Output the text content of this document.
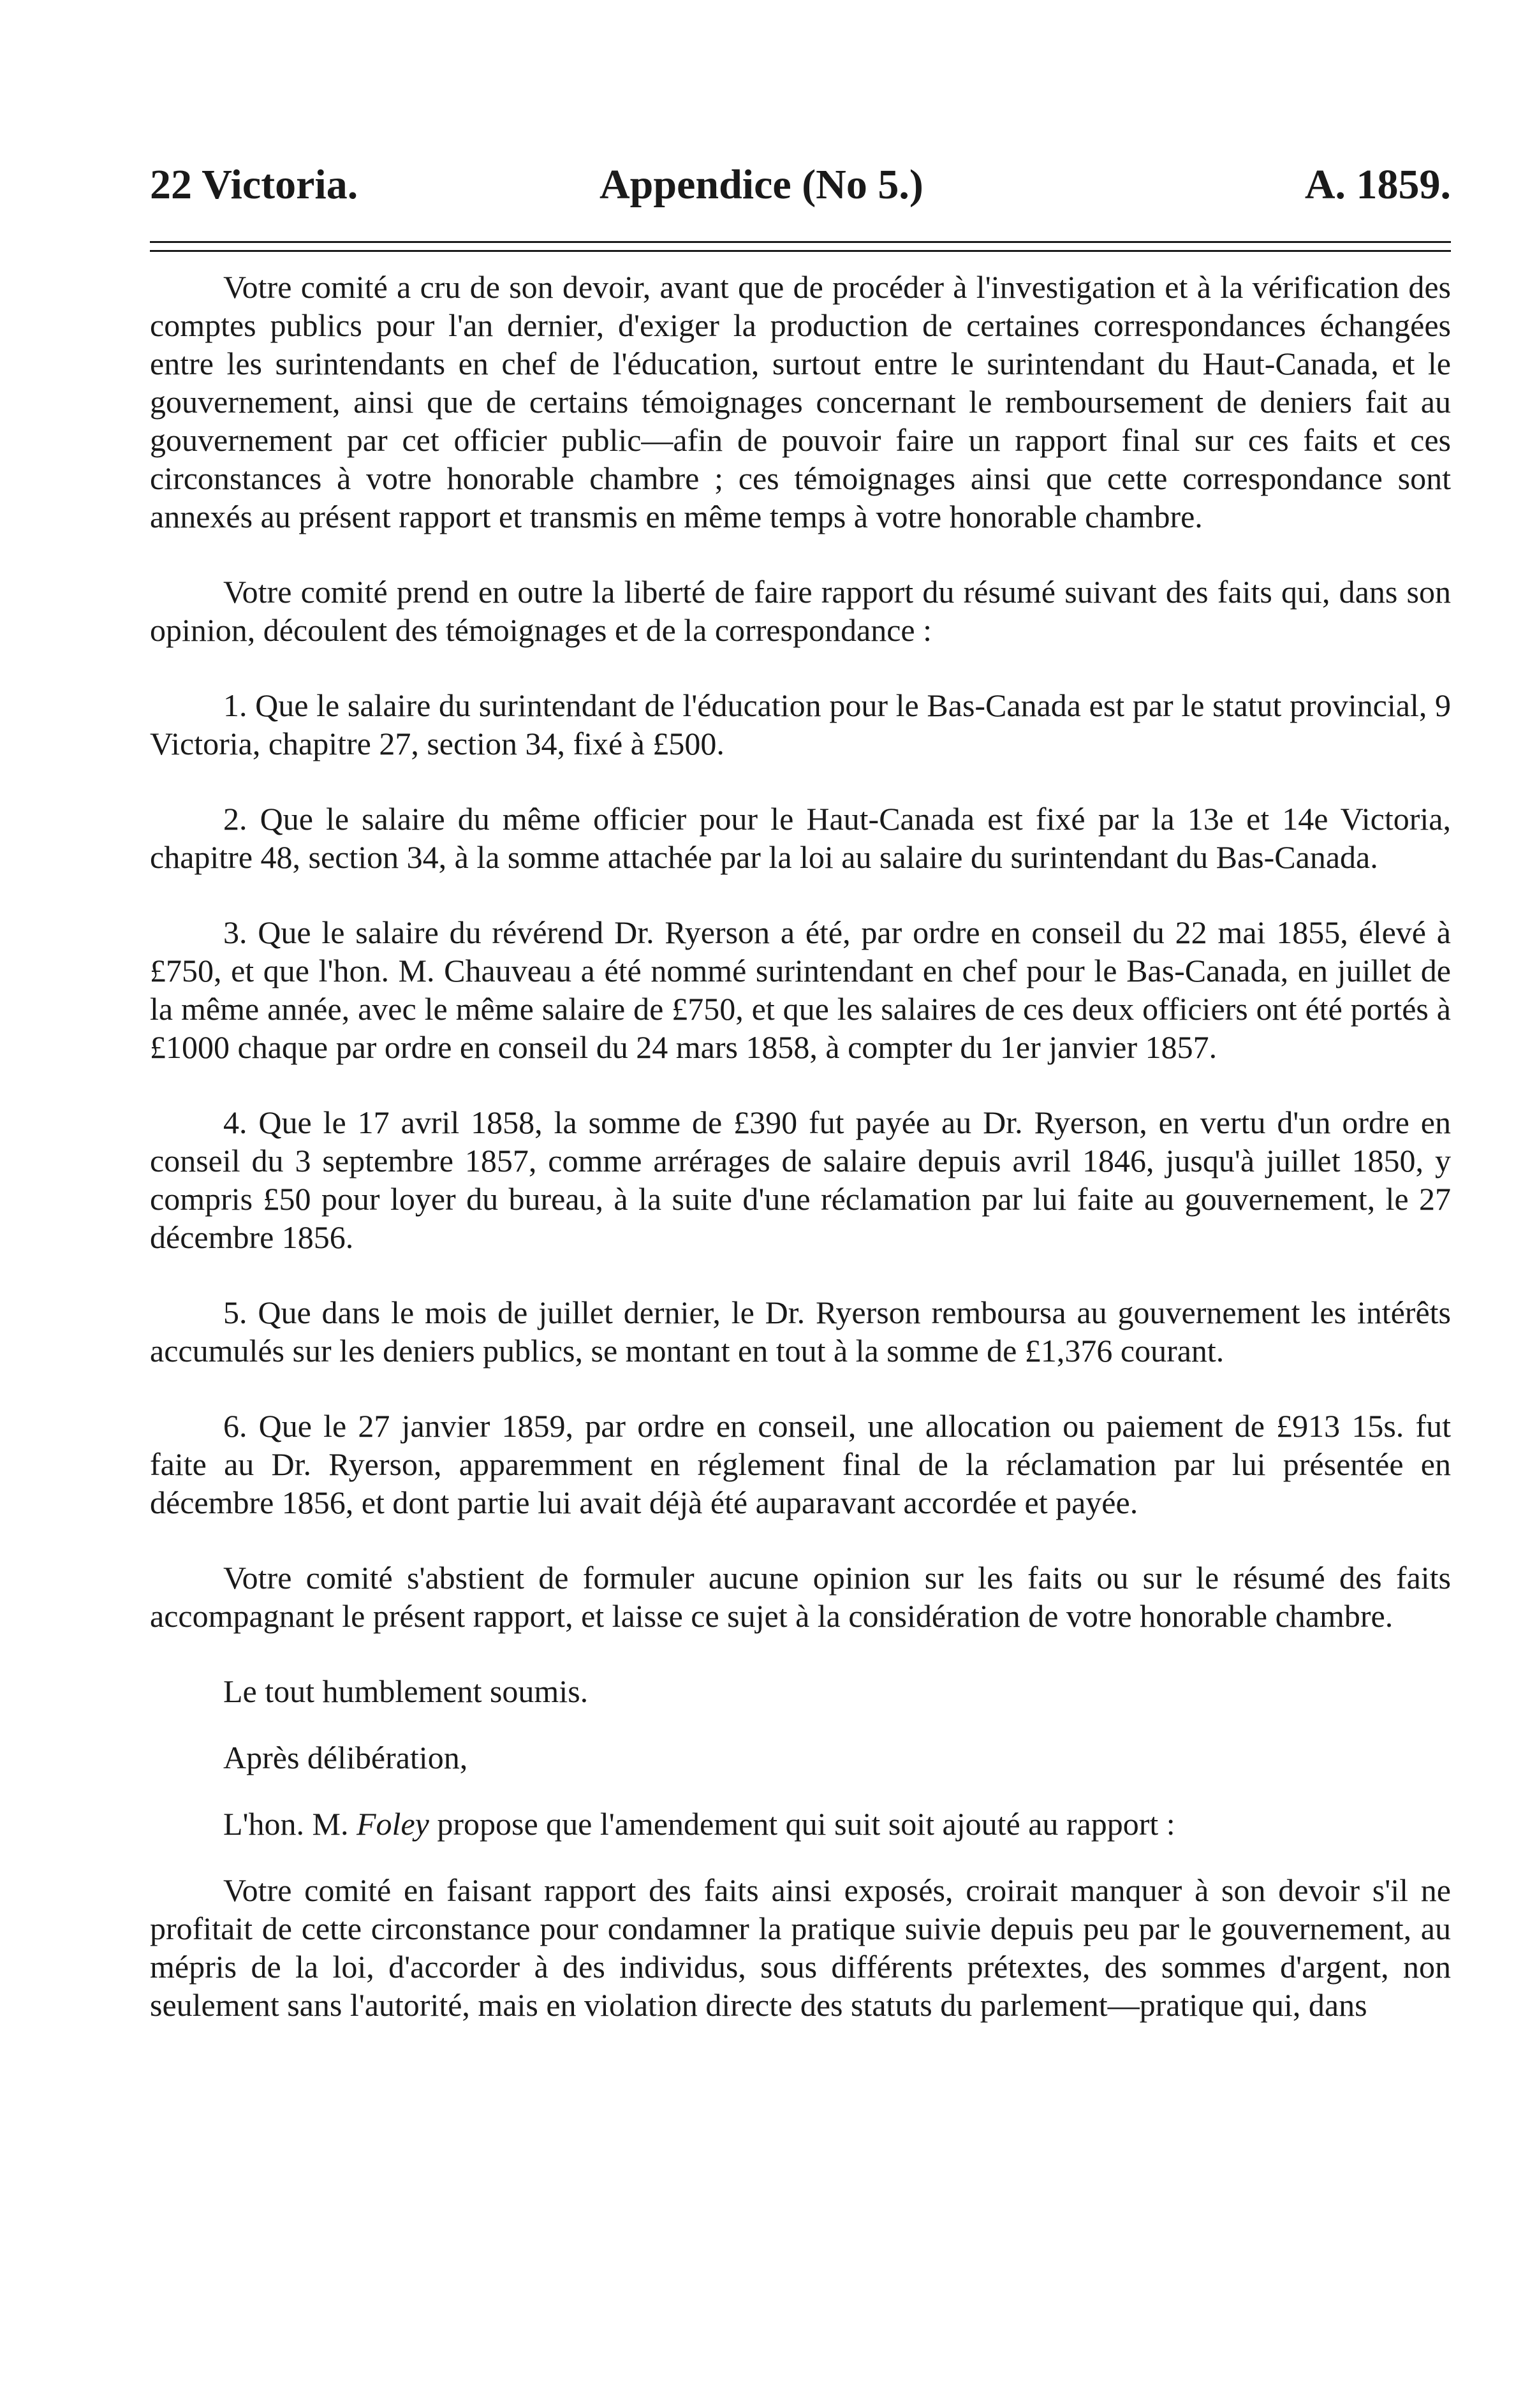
22 Victoria.	Appendice (No 5.)	A. 1859.

Votre comité a cru de son devoir, avant que de procéder à l'investigation et à la vérification des comptes publics pour l'an dernier, d'exiger la production de certaines correspondances échangées entre les surintendants en chef de l'éducation, surtout entre le surintendant du Haut-Canada, et le gouvernement, ainsi que de certains témoignages concernant le remboursement de deniers fait au gouvernement par cet officier public—afin de pouvoir faire un rapport final sur ces faits et ces circonstances à votre honorable chambre ; ces témoignages ainsi que cette correspondance sont annexés au présent rapport et transmis en même temps à votre honorable chambre.

Votre comité prend en outre la liberté de faire rapport du résumé suivant des faits qui, dans son opinion, découlent des témoignages et de la correspondance :

1. Que le salaire du surintendant de l'éducation pour le Bas-Canada est par le statut provincial, 9 Victoria, chapitre 27, section 34, fixé à £500.

2. Que le salaire du même officier pour le Haut-Canada est fixé par la 13e et 14e Victoria, chapitre 48, section 34, à la somme attachée par la loi au salaire du surintendant du Bas-Canada.

3. Que le salaire du révérend Dr. Ryerson a été, par ordre en conseil du 22 mai 1855, élevé à £750, et que l'hon. M. Chauveau a été nommé surintendant en chef pour le Bas-Canada, en juillet de la même année, avec le même salaire de £750, et que les salaires de ces deux officiers ont été portés à £1000 chaque par ordre en conseil du 24 mars 1858, à compter du 1er janvier 1857.

4. Que le 17 avril 1858, la somme de £390 fut payée au Dr. Ryerson, en vertu d'un ordre en conseil du 3 septembre 1857, comme arrérages de salaire depuis avril 1846, jusqu'à juillet 1850, y compris £50 pour loyer du bureau, à la suite d'une réclamation par lui faite au gouvernement, le 27 décembre 1856.

5. Que dans le mois de juillet dernier, le Dr. Ryerson remboursa au gouvernement les intérêts accumulés sur les deniers publics, se montant en tout à la somme de £1,376 courant.

6. Que le 27 janvier 1859, par ordre en conseil, une allocation ou paiement de £913 15s. fut faite au Dr. Ryerson, apparemment en réglement final de la réclamation par lui présentée en décembre 1856, et dont partie lui avait déjà été auparavant accordée et payée.

Votre comité s'abstient de formuler aucune opinion sur les faits ou sur le résumé des faits accompagnant le présent rapport, et laisse ce sujet à la considération de votre honorable chambre.

Le tout humblement soumis.

Après délibération,

L'hon. M. Foley propose que l'amendement qui suit soit ajouté au rapport :

Votre comité en faisant rapport des faits ainsi exposés, croirait manquer à son devoir s'il ne profitait de cette circonstance pour condamner la pratique suivie depuis peu par le gouvernement, au mépris de la loi, d'accorder à des individus, sous différents prétextes, des sommes d'argent, non seulement sans l'autorité, mais en violation directe des statuts du parlement—pratique qui, dans
